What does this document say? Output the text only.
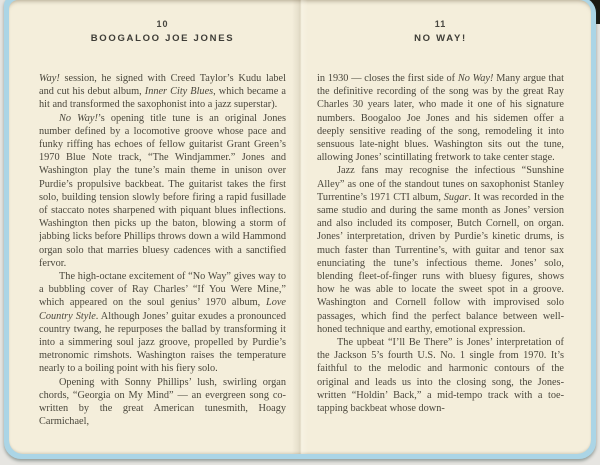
10
BOOGALOO JOE JONES

Way! session, he signed with Creed Taylor’s Kudu label and cut his debut album, Inner City Blues, which became a hit and transformed the saxophonist into a jazz superstar).

No Way!’s opening title tune is an original Jones number defined by a locomotive groove whose pace and funky riffing has echoes of fellow guitarist Grant Green’s 1970 Blue Note track, “The Windjammer.” Jones and Washington play the tune’s main theme in unison over Purdie’s propulsive backbeat. The guitarist takes the first solo, building tension slowly before firing a rapid fusillade of staccato notes sharpened with piquant blues inflections. Washington then picks up the baton, blowing a storm of jabbing licks before Phillips throws down a wild Hammond organ solo that marries bluesy cadences with a sanctified fervor.

The high-octane excitement of “No Way” gives way to a bubbling cover of Ray Charles’ “If You Were Mine,” which appeared on the soul genius’ 1970 album, Love Country Style. Although Jones’ guitar exudes a pronounced country twang, he repurposes the ballad by transforming it into a simmering soul jazz groove, propelled by Purdie’s metronomic rimshots. Washington raises the temperature nearly to a boiling point with his fiery solo.

Opening with Sonny Phillips’ lush, swirling organ chords, “Georgia on My Mind” — an evergreen song co-written by the great American tunesmith, Hoagy Carmichael,

11
NO WAY!

in 1930 — closes the first side of No Way! Many argue that the definitive recording of the song was by the great Ray Charles 30 years later, who made it one of his signature numbers. Boogaloo Joe Jones and his sidemen offer a deeply sensitive reading of the song, remodeling it into sensuous late-night blues. Washington sits out the tune, allowing Jones’ scintillating fretwork to take center stage.

Jazz fans may recognise the infectious “Sunshine Alley” as one of the standout tunes on saxophonist Stanley Turrentine’s 1971 CTI album, Sugar. It was recorded in the same studio and during the same month as Jones’ version and also included its composer, Butch Cornell, on organ. Jones’ interpretation, driven by Purdie’s kinetic drums, is much faster than Turrentine’s, with guitar and tenor sax enunciating the tune’s infectious theme. Jones’ solo, blending fleet-of-finger runs with bluesy figures, shows how he was able to locate the sweet spot in a groove. Washington and Cornell follow with improvised solo passages, which find the perfect balance between well-honed technique and earthy, emotional expression.

The upbeat “I’ll Be There” is Jones’ interpretation of the Jackson 5’s fourth U.S. No. 1 single from 1970. It’s faithful to the melodic and harmonic contours of the original and leads us into the closing song, the Jones-written “Holdin’ Back,” a mid-tempo track with a toe-tapping backbeat whose down-
